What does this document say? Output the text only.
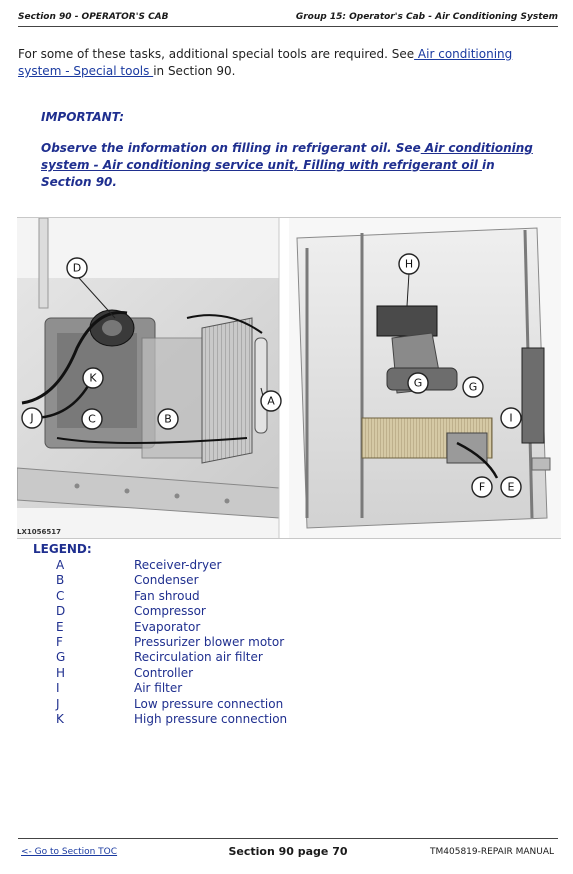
Section 90 - OPERATOR'S CAB	Group 15: Operator's Cab - Air Conditioning System
For some of these tasks, additional special tools are required. See Air conditioning system - Special tools in Section 90.
IMPORTANT:
Observe the information on filling in refrigerant oil. See Air conditioning system - Air conditioning service unit, Filling with refrigerant oil in Section 90.
D
K
J	C	B
A
H
G	G
I
F E
LX1056517
LEGEND:
A	Receiver-dryer
B	Condenser
C	Fan shroud
D	Compressor
E	Evaporator
F	Pressurizer blower motor
G	Recirculation air filter
H	Controller
I	Air filter
J	Low pressure connection
K	High pressure connection
<- Go to Section TOC	Section 90 page 70	TM405819-REPAIR MANUAL
